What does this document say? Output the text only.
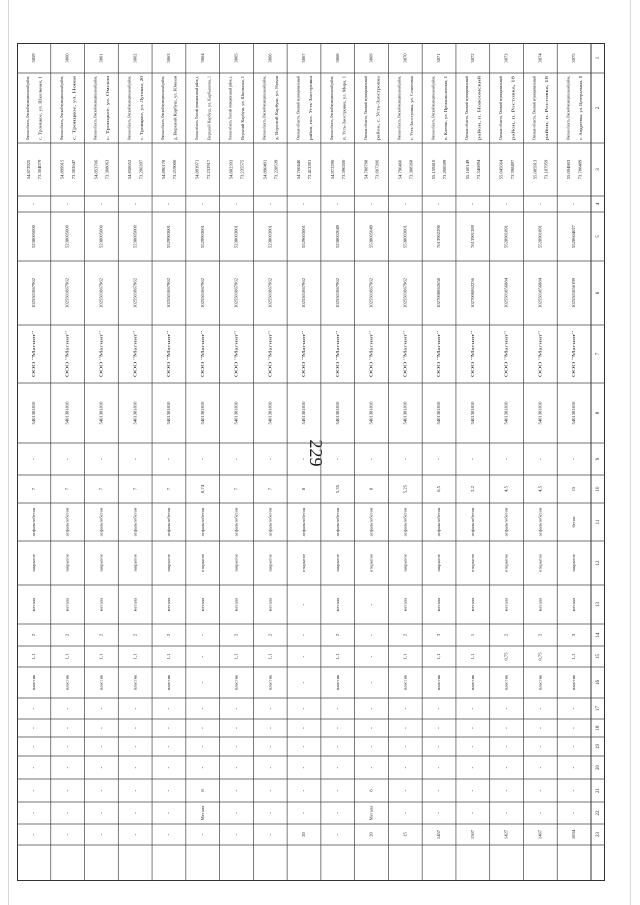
229
1
2
3
4
5
6
7
8
9
10
11
12
13
14
15
16
17
18
19
20
21
22
23
3859
Омская область, Омский муниципальный район, с. Троицкое, ул. Школьная, 1
54.872925 73.304079
-
5238005000
1025501867962
ООО "Магнит"
5401381810
-
7
асфальтобетон
закрытое
металл
2
1,1
пластик
-
-
-
-
-
-
-
3860
Омская область, Омский муниципальный район, с. Троицкое, ул. Новая
54.899915 73.302647
-
5238005000
1025501867962
ООО "Магнит"
5401381810
-
7
асфальтобетон
закрытое
металл
2
1,1
пластик
-
-
-
-
-
-
-
3861
Омская область, Омский муниципальный район, с. Троицкое, ул. Омская
54.853706 73.308063
-
5238005000
1025501867962
ООО "Магнит"
5401381810
-
7
асфальтобетон
закрытое
металл
2
1,1
пластик
-
-
-
-
-
-
-
3862
Омская область, Омский муниципальный район, с. Троицкое, ул. Луговая, 20
54.858652 73.296397
-
5238005000
1025501867962
ООО "Магнит"
5401381810
-
7
асфальтобетон
закрытое
металл
2
1,1
пластик
-
-
-
-
-
-
-
3863
Омская область, Омский муниципальный район, д. Верхний Карбуш, ул. Южная
54.890178 73.219000
-
5529903001
1025501867962
ООО "Магнит"
5401381810
-
7
асфальтобетон
закрытое
металл
2
1,1
пластик
-
-
-
-
-
-
-
3864
Омская область, Омский муниципальный район, д. Верхний Карбуш, ул. Карбышева, 1
54.893971 73.232917
-
5529903001
1025501867962
ООО "Магнит"
5401381810
-
8,74
асфальтобетон
открытое
металл
-
-
-
-
-
-
-
8
Металл
-
3865
Омская область, Омский муниципальный район, д. Верхний Карбуш, ул. Школьная, 1
54.882393 73.235575
-
5238003001
1025501867962
ООО "Магнит"
5401381810
-
7
асфальтобетон
закрытое
металл
2
1,1
пластик
-
-
-
-
-
-
-
3866
Омская область, Омский муниципальный район, д. Верхний Карбуш, ул. Новая
54.890491 73.228539
-
5238003001
1025501867962
ООО "Магнит"
5401381810
-
7
асфальтобетон
закрытое
металл
2
1,1
пластик
-
-
-
-
-
-
-
3867
Омская область, Омский муниципальный район, пос. Усть-Заостровка
54.760440 73.413391
-
5529603001
1025501867962
ООО "Магнит"
5401381810
-
8
асфальтобетон
открытое
-
-
-
-
-
-
-
-
-
-
20
3868
Омская область, Омский муниципальный район, п. Усть-Заостровка, ул. Мира, 1
54.972290 73.390200
-
5238002049
1025501867962
ООО "Магнит"
5401381810
-
5,35
асфальтобетон
закрытое
металл
2
1,1
пластик
-
-
-
-
-
-
-
3869
Омская область, Омский муниципальный район, с. Усть-Заостровка
54.788798 73.607206
-
5538005049
1025501867962
ООО "Магнит"
5401381810
-
8
асфальтобетон
открытое
-
-
-
-
-
-
-
-
8
Металл
20
3870
Омская область, Омский муниципальный район, с. Усть-Заостровка, ул. Солнечная
54.790460 73.388368
-
5538003001
1025501867962
ООО "Магнит"
5401381810
-
5,25
асфальтобетон
закрытое
металл
2
1,1
пластик
-
-
-
-
-
-
15
3871
Омская область, Омский муниципальный район, п. Ключи, ул. Промышленная, 1
55.159410 73.208599
-
7613902290
1027000862658
ООО "Магнит"
5401381810
-
6,5
асфальтобетон
закрытое
металл
3
1,1
пластик
-
-
-
-
-
-
1457
3872
Омская область, Омский муниципальный район, п. Новоомский
55.160149 73.346894
-
7613901289
1027000862256
ООО "Магнит"
5401381810
-
2,2
асфальтобетон
открытое
металл
1
1,1
пластик
-
-
-
-
-
-
1507
3873
Омская область, Омский муниципальный район, п. Ростовка, 18
55.045664 73.398497
-
5528901891
1025501856884
ООО "Магнит"
5401381810
-
4,5
асфальтобетон
открытое
металл
2
0,75
пластик
-
-
-
-
-
-
1427
3874
Омская область, Омский муниципальный район, п. Ростовка, 18
55.085913 73.187959
-
5528901891
1025501856884
ООО "Магнит"
5401381810
-
4,5
асфальтобетон
открытое
металл
2
0,75
пластик
-
-
-
-
-
-
1467
3875
Омская область, Омский муниципальный район, с. Андреевка, ул. Центральная, 8
55.094803 73.788489
-
5528604027
1025501856199
ООО "Магнит"
5401381810
-
15
бетон
закрытое
металл
3
1,1
пластик
-
-
-
-
-
-
1834
